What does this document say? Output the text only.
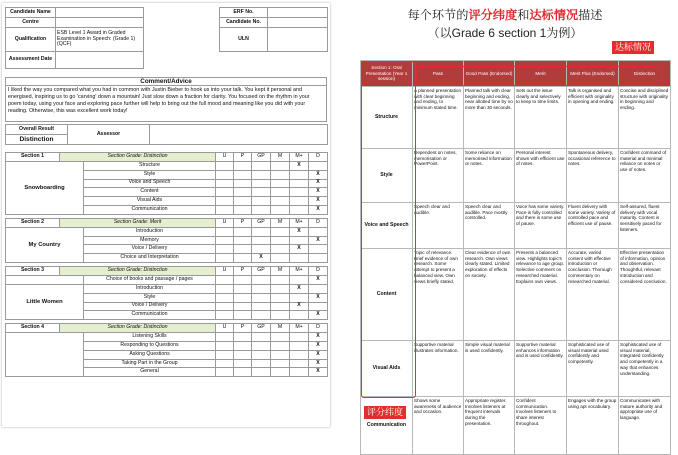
Candidate Name			ERF No.	
Centre			Candidate No.	
Qualification	ESB Level 1 Award in Graded Examination in Speech: (Grade 1) (QCF)		ULN	
Assessment Date				
Comment/Advice
I liked the way you compared what you had in common with Justin Bieber to hook us into your talk. You kept it personal and energised, inspiring us to go 'carving' down a mountain! Just slow down a fraction for clarity. You focused on the rhythm in your poem today, using your face and exploring pace further will help to bring out the full mood and meaning like you did with your reading. Otherwise, this was excellent work today!
Overall Result	Assessor	
Distinction
Section 1	Section Grade: Distinction		U	P	GP	M	M+	D
Snowboarding		Structure					X	
		Style						X
		Voice and Speech						X
		Content						X
		Visual Aids						X
		Communication						X

Section 2	Section Grade: Merit		U	P	GP	M	M+	D
My Country		Introduction					X	
		Memory						X
		Voice / Delivery					X	
		Choice and Interpretation			X			

Section 3	Section Grade: Distinction		U	P	GP	M	M+	D
		Choice of books and passage / pages						X
Little Women		Introduction					X	
		Style						X
		Voice / Delivery					X	
		Communication						X

Section 4	Section Grade: Distinction		U	P	GP	M	M+	D
		Listening Skills						X
		Responding to Questions						X
		Asking Questions						X
		Taking Part in the Group						X
		General						X
每个环节的评分纬度和达标情况描述
（以Grade 6 section 1为例）
达标情况
Section 1: Oral Presentation (Year 1 session)	Pass	Good Pass (Endorsed)	Merit	Merit Plus (Endorsed)	Distinction
Structure	A planned presentation with clear beginning and ending, to minimum stated time.	Planned talk with clear beginning and ending, near allotted time by no more than 30 seconds.	Sets out the issue clearly and selectively to keep to time limits.	Talk is organised and efficient with originality in opening and ending.	Concise and disciplined structure with originality in beginning and ending.
Style	Dependent on notes, memorisation or PowerPoint.	Some reliance on memorised information or notes.	Personal interest shown with efficient use of notes.	Spontaneous delivery, occasional reference to notes.	Confident command of material and minimal reliance on notes or use of notes.
Voice and Speech	Speech clear and audible.	Speech clear and audible. Pace mostly controlled.	Voice has some variety. Pace is fully controlled and there is some use of pause.	Fluent delivery with some variety. Variety of controlled pace and efficient use of pause.	Self-assured, fluent delivery with vocal maturity. Content is sensitively paced for listeners.
Content	Topic of relevance. Brief evidence of own research. Some attempt to present a balanced view. Own views briefly stated.	Clear evidence of own research. Own views clearly stated. Limited exploration of effects on society.	Presents a balanced view. Highlights topic's relevance to age group. Selective comment on researched material. Explains own views.	Accurate, varied content with effective introduction or conclusion. Thorough commentary on researched material.	Effective presentation of information, opinion and observation. Thoughtful, relevant introduction and considered conclusion.
Visual Aids	Supportive material illustrates information.	Simple visual material is used confidently.	Supportive material enhances information and is used confidently.	Sophisticated use of visual material used confidently and competently.	Sophisticated use of visual material, integrated confidently and competently in a way that enhances understanding.
Communication	Shows some awareness of audience and occasion.	Appropriate register. Involves listeners at frequent intervals during the presentation.	Confident communication. Involves listeners to share interest throughout.	Engages with the group using apt vocabulary.	Communicates with mature authority and appropriate use of language.
评分纬度
